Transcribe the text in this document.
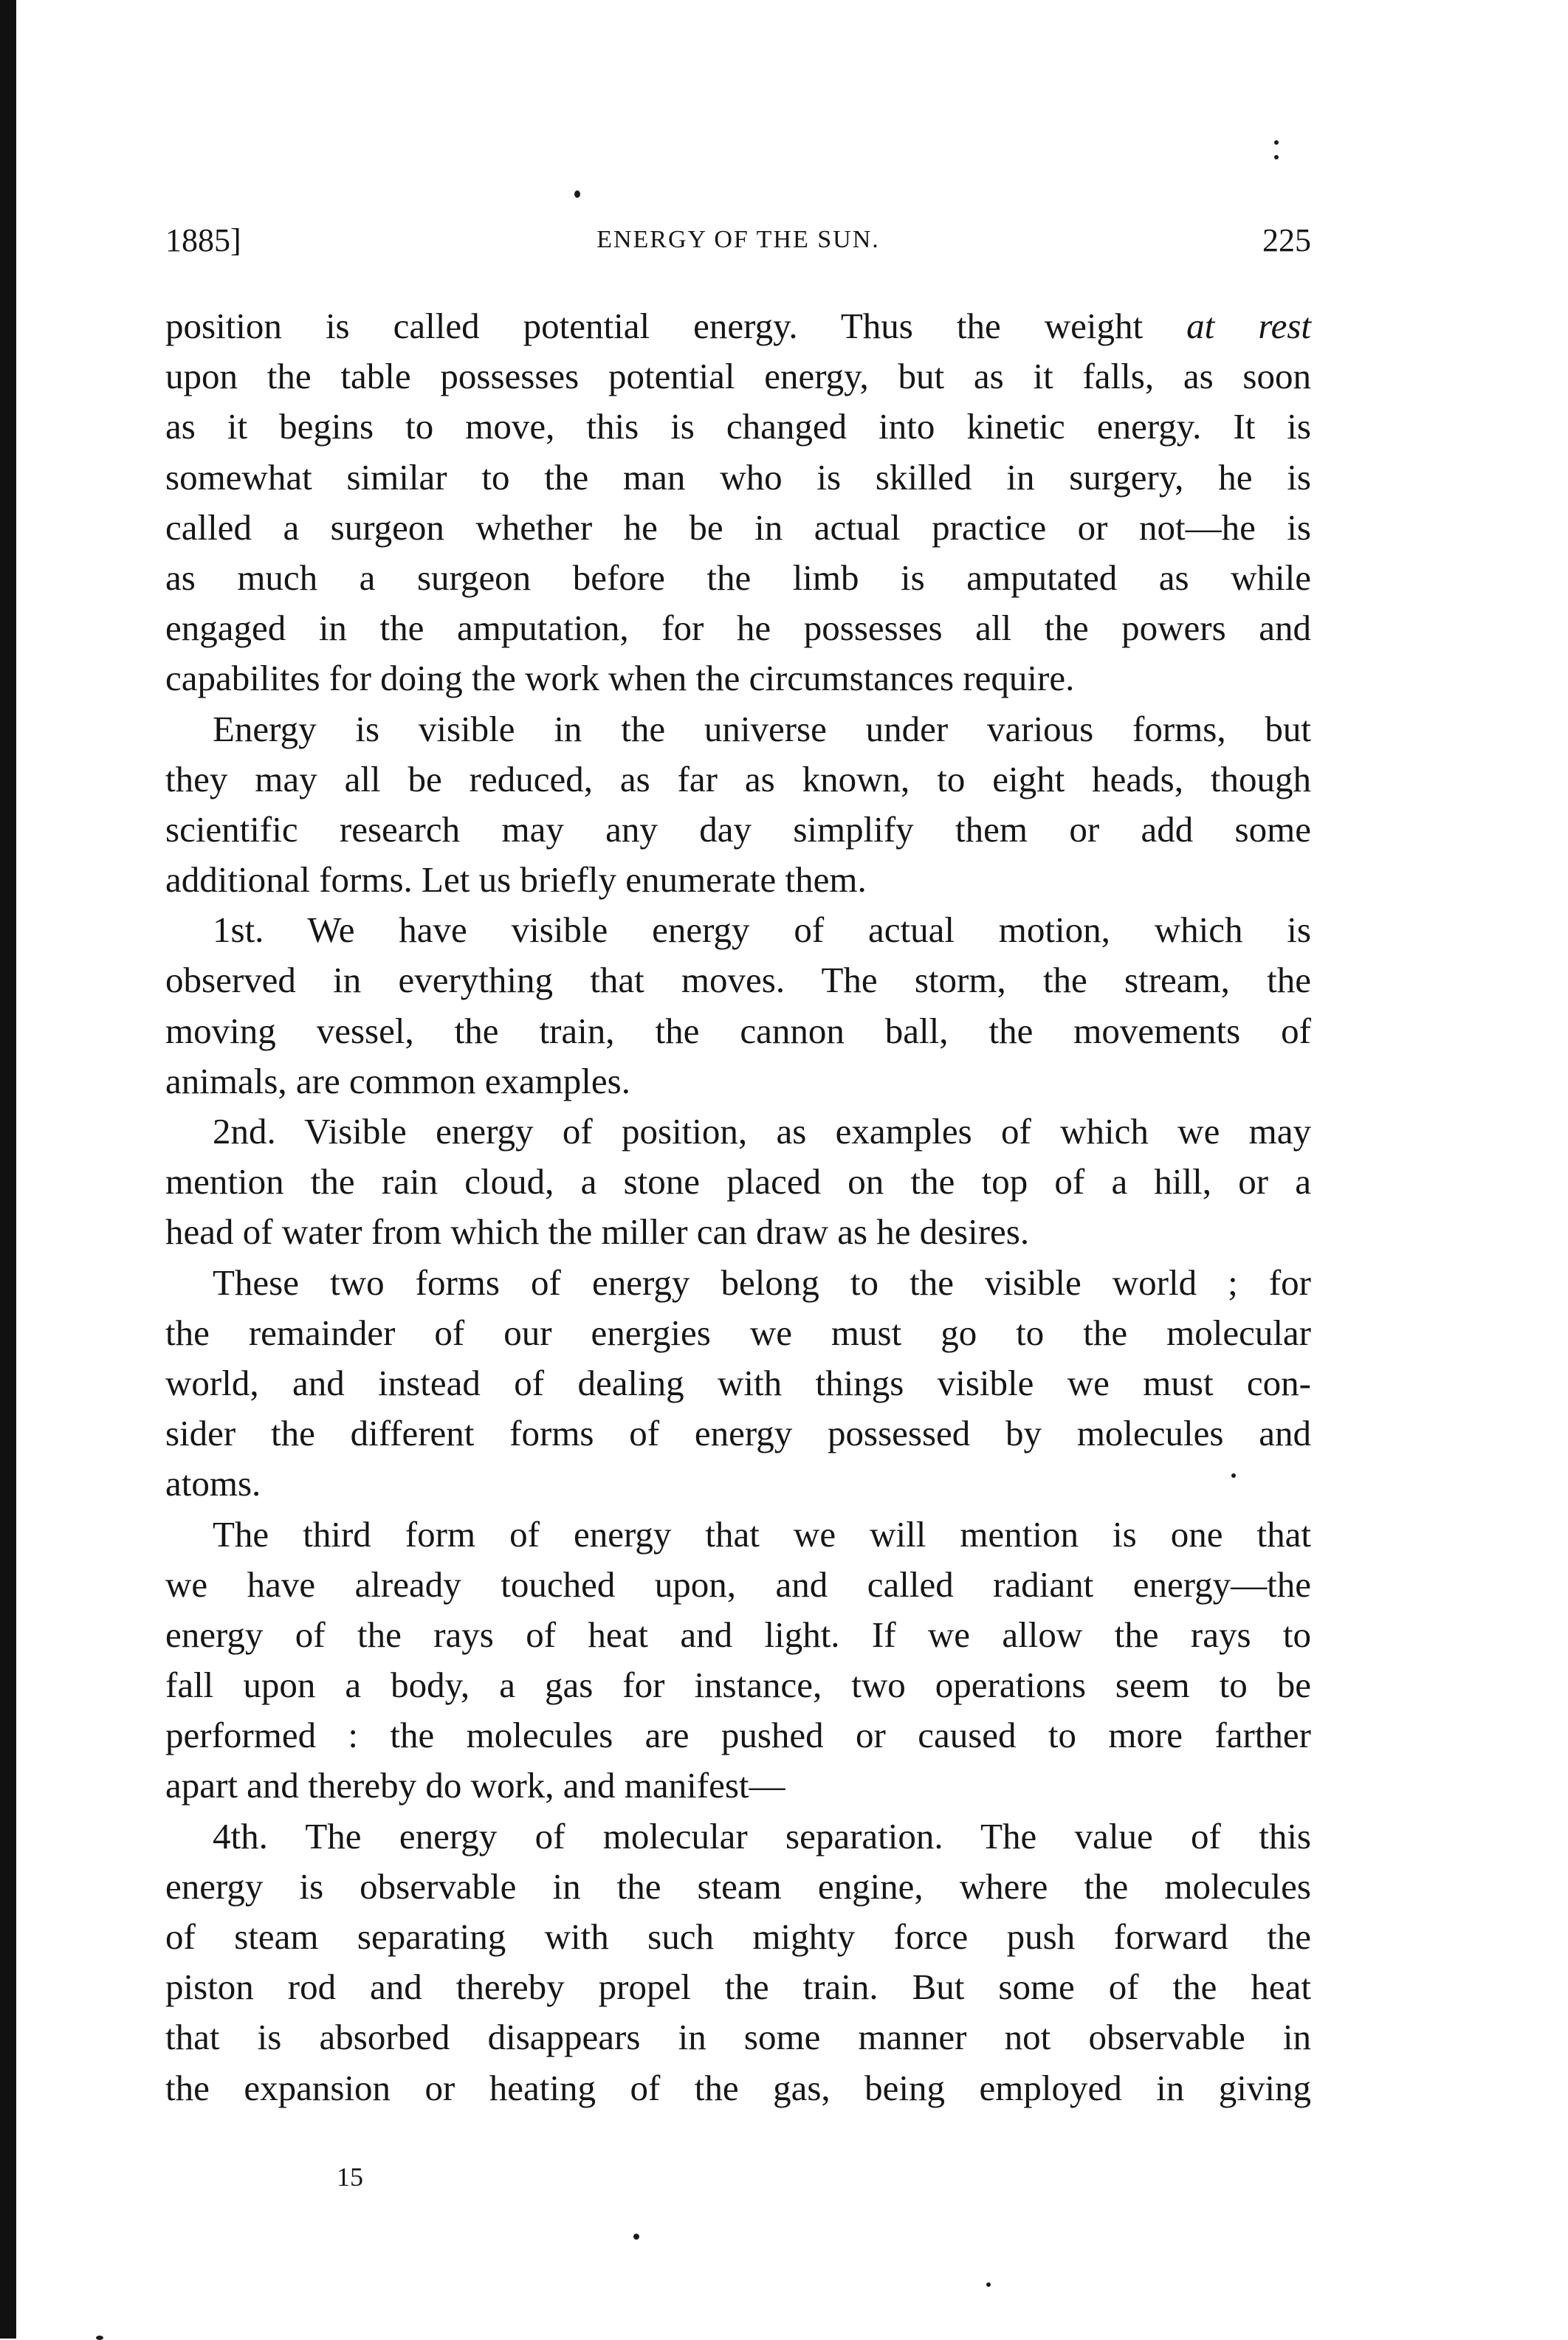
1885]	ENERGY OF THE SUN.	225
position is called potential energy. Thus the weight at rest
upon the table possesses potential energy, but as it falls, as soon
as it begins to move, this is changed into kinetic energy. It is
somewhat similar to the man who is skilled in surgery, he is
called a surgeon whether he be in actual practice or not—he is
as much a surgeon before the limb is amputated as while
engaged in the amputation, for he possesses all the powers and
capabilites for doing the work when the circumstances require.
Energy is visible in the universe under various forms, but
they may all be reduced, as far as known, to eight heads, though
scientific research may any day simplify them or add some
additional forms. Let us briefly enumerate them.
1st. We have visible energy of actual motion, which is
observed in everything that moves. The storm, the stream, the
moving vessel, the train, the cannon ball, the movements of
animals, are common examples.
2nd. Visible energy of position, as examples of which we may
mention the rain cloud, a stone placed on the top of a hill, or a
head of water from which the miller can draw as he desires.
These two forms of energy belong to the visible world ; for
the remainder of our energies we must go to the molecular
world, and instead of dealing with things visible we must con-
sider the different forms of energy possessed by molecules and
atoms.
The third form of energy that we will mention is one that
we have already touched upon, and called radiant energy—the
energy of the rays of heat and light. If we allow the rays to
fall upon a body, a gas for instance, two operations seem to be
performed : the molecules are pushed or caused to more farther
apart and thereby do work, and manifest—
4th. The energy of molecular separation. The value of this
energy is observable in the steam engine, where the molecules
of steam separating with such mighty force push forward the
piston rod and thereby propel the train. But some of the heat
that is absorbed disappears in some manner not observable in
the expansion or heating of the gas, being employed in giving
15
